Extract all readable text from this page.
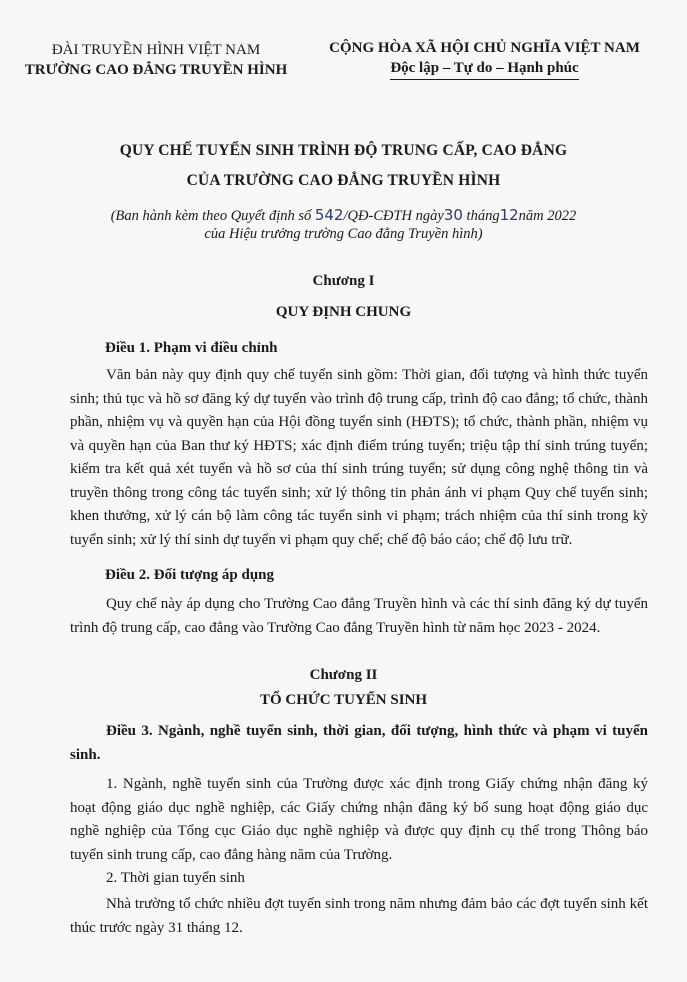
ĐÀI TRUYỀN HÌNH VIỆT NAM
TRƯỜNG CAO ĐẲNG TRUYỀN HÌNH
CỘNG HÒA XÃ HỘI CHỦ NGHĨA VIỆT NAM
Độc lập – Tự do – Hạnh phúc
QUY CHẾ TUYỂN SINH TRÌNH ĐỘ TRUNG CẤP, CAO ĐẲNG
CỦA TRƯỜNG CAO ĐẲNG TRUYỀN HÌNH
(Ban hành kèm theo Quyết định số 542/QĐ-CĐTH ngày30 tháng12năm 2022
của Hiệu trưởng trường Cao đẳng Truyền hình)
Chương I
QUY ĐỊNH CHUNG
Điều 1. Phạm vi điều chỉnh

Văn bản này quy định quy chế tuyển sinh gồm: Thời gian, đối tượng và hình thức tuyển sinh; thủ tục và hồ sơ đăng ký dự tuyển vào trình độ trung cấp, trình độ cao đẳng; tổ chức, thành phần, nhiệm vụ và quyền hạn của Hội đồng tuyển sinh (HĐTS); tổ chức, thành phần, nhiệm vụ và quyền hạn của Ban thư ký HĐTS; xác định điểm trúng tuyển; triệu tập thí sinh trúng tuyển; kiểm tra kết quả xét tuyển và hồ sơ của thí sinh trúng tuyển; sử dụng công nghệ thông tin và truyền thông trong công tác tuyển sinh; xử lý thông tin phản ánh vi phạm Quy chế tuyển sinh; khen thưởng, xử lý cán bộ làm công tác tuyển sinh vi phạm; trách nhiệm của thí sinh trong kỳ tuyển sinh; xử lý thí sinh dự tuyển vi phạm quy chế; chế độ báo cáo; chế độ lưu trữ.

Điều 2. Đối tượng áp dụng

Quy chế này áp dụng cho Trường Cao đẳng Truyền hình và các thí sinh đăng ký dự tuyển trình độ trung cấp, cao đẳng vào Trường Cao đẳng Truyền hình từ năm học 2023 - 2024.

Chương II
TỔ CHỨC TUYỂN SINH

Điều 3. Ngành, nghề tuyển sinh, thời gian, đối tượng, hình thức và phạm vi tuyển sinh.

1. Ngành, nghề tuyển sinh của Trường được xác định trong Giấy chứng nhận đăng ký hoạt động giáo dục nghề nghiệp, các Giấy chứng nhận đăng ký bổ sung hoạt động giáo dục nghề nghiệp của Tổng cục Giáo dục nghề nghiệp và được quy định cụ thể trong Thông báo tuyển sinh trung cấp, cao đẳng hàng năm của Trường.

2. Thời gian tuyển sinh

Nhà trường tổ chức nhiều đợt tuyển sinh trong năm nhưng đảm bảo các đợt tuyển sinh kết thúc trước ngày 31 tháng 12.
